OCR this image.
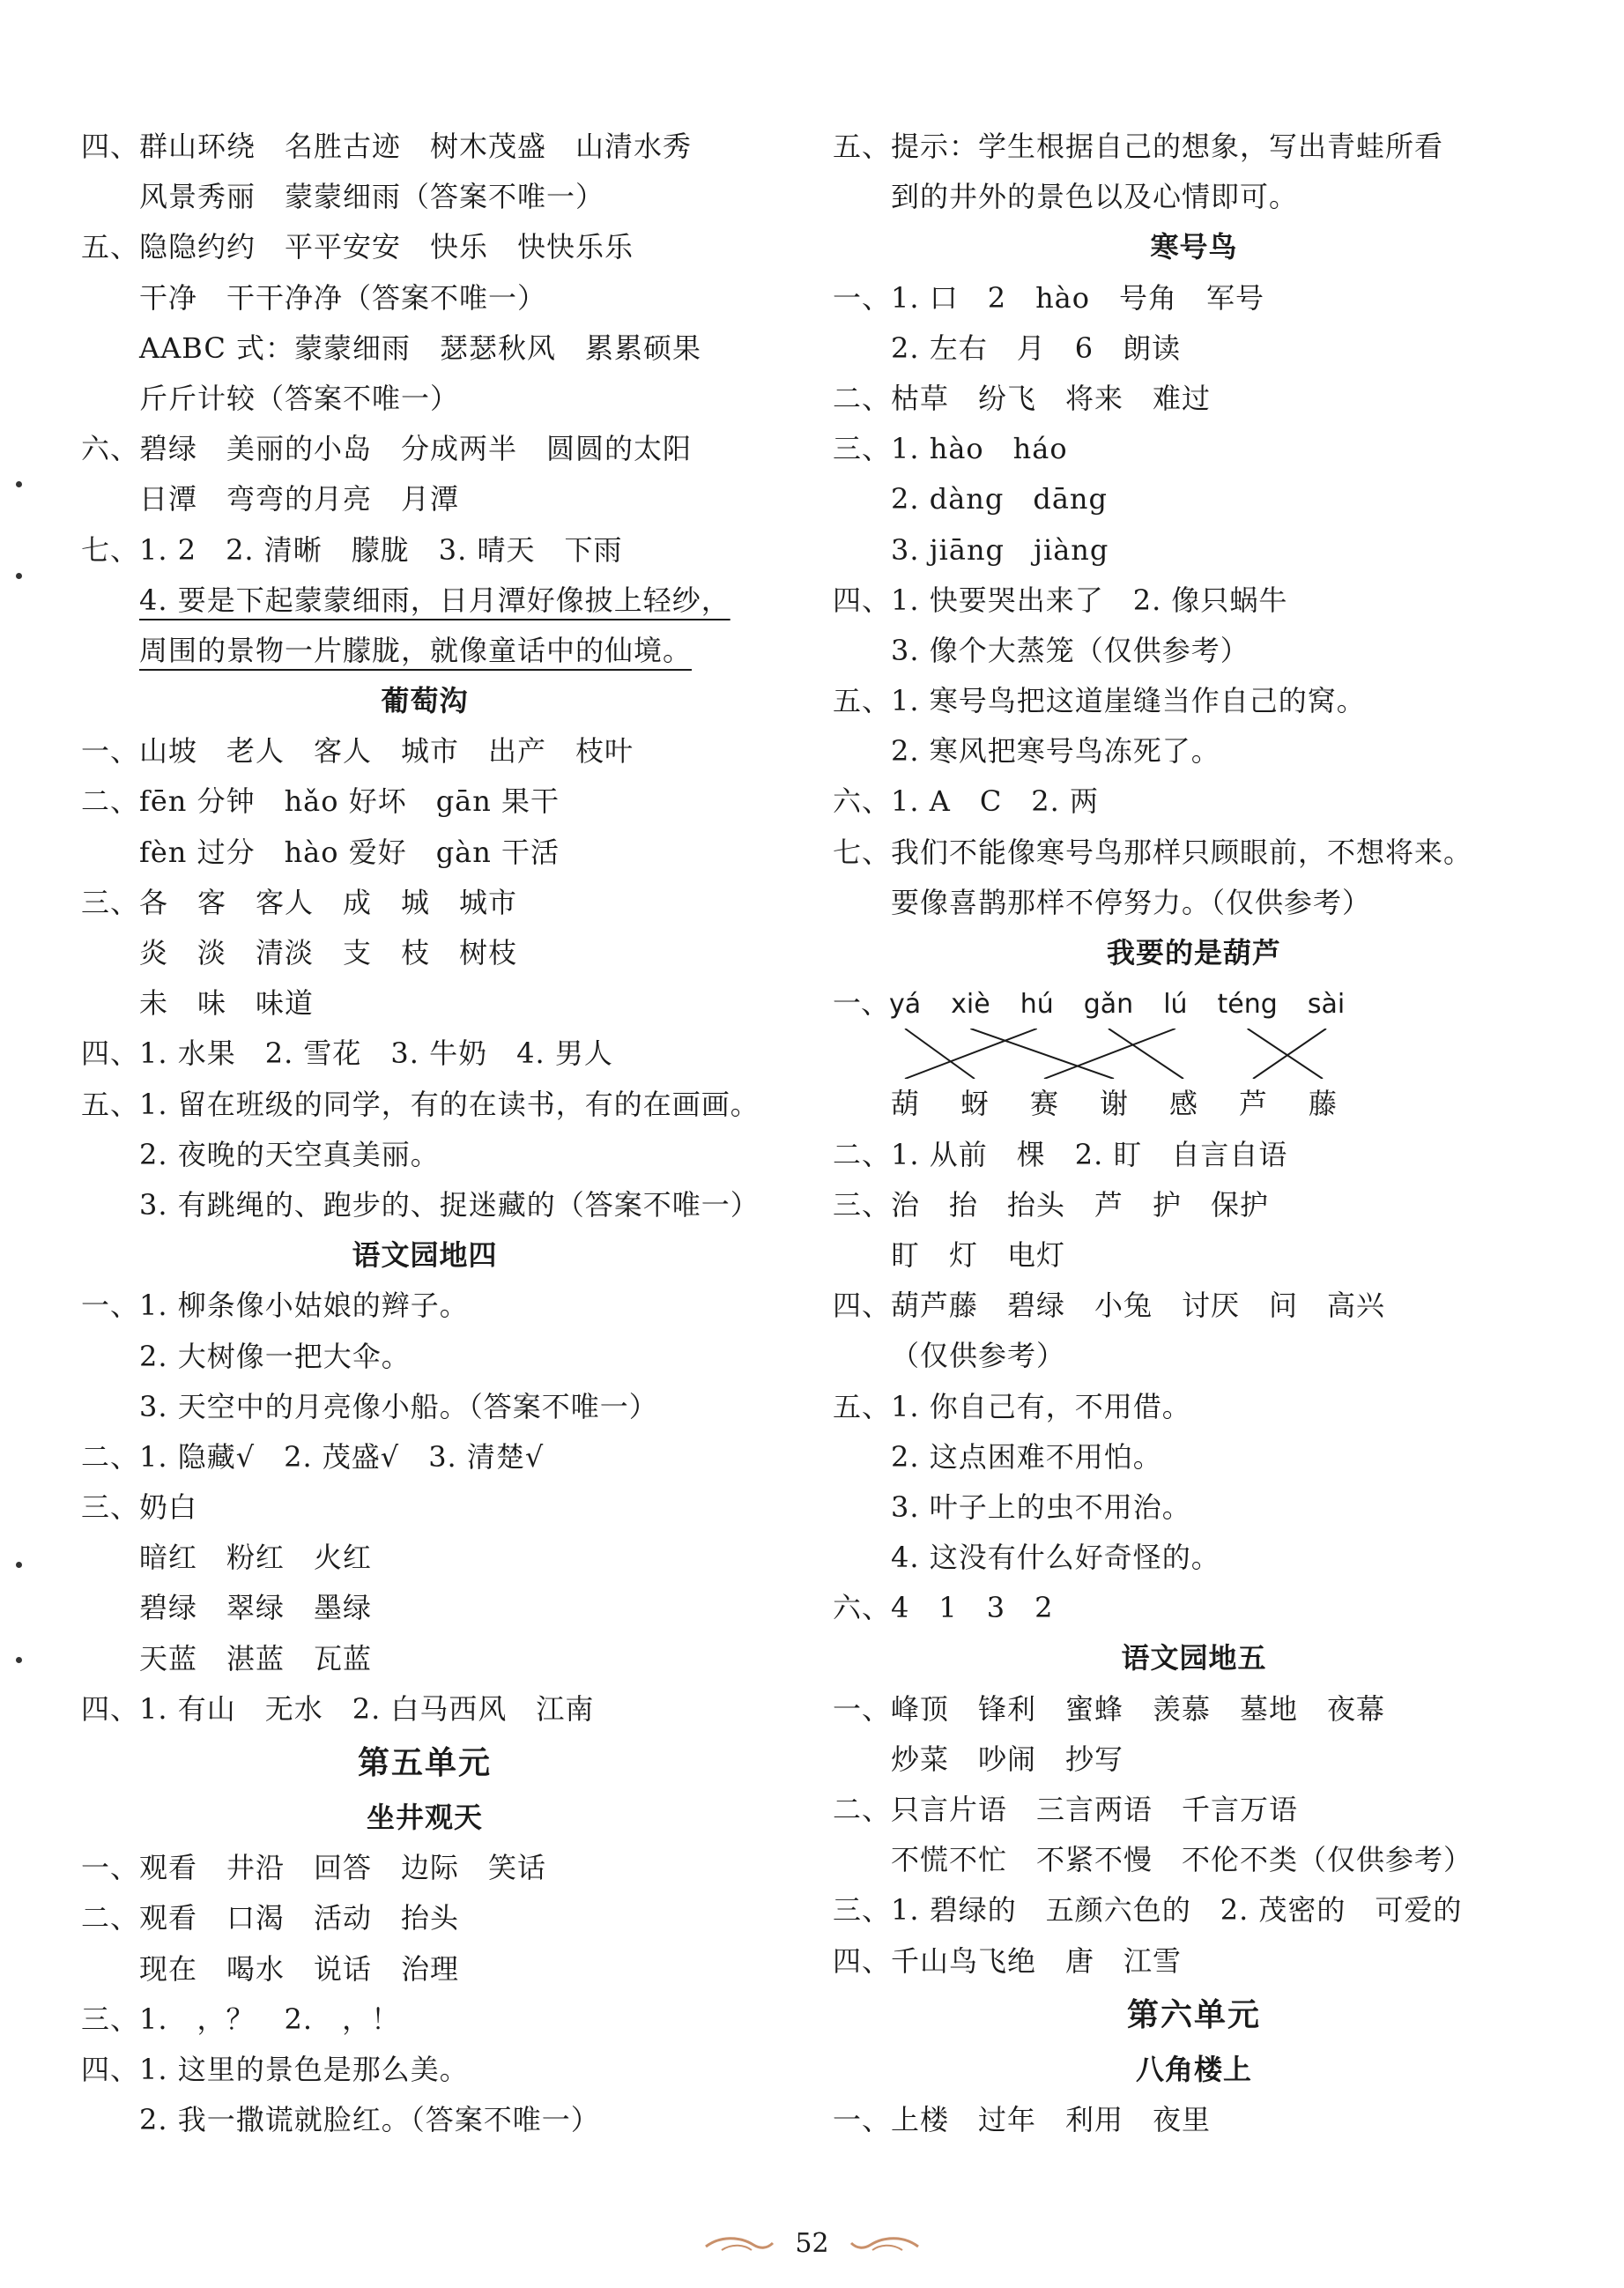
四、群山环绕　名胜古迹　树木茂盛　山清水秀
风景秀丽　蒙蒙细雨（答案不唯一）
五、隐隐约约　平平安安　快乐　快快乐乐
干净　干干净净（答案不唯一）
AABC 式：蒙蒙细雨　瑟瑟秋风　累累硕果
斤斤计较（答案不唯一）
六、碧绿　美丽的小岛　分成两半　圆圆的太阳
日潭　弯弯的月亮　月潭
七、1. 2　2. 清晰　朦胧　3. 晴天　下雨
4. 要是下起蒙蒙细雨，日月潭好像披上轻纱，
周围的景物一片朦胧，就像童话中的仙境。
葡萄沟
一、山坡　老人　客人　城市　出产　枝叶
二、fēn 分钟　hǎo 好坏　gān 果干
fèn 过分　hào 爱好　gàn 干活
三、各　客　客人　成　城　城市
炎　淡　清淡　支　枝　树枝
未　味　味道
四、1. 水果　2. 雪花　3. 牛奶　4. 男人
五、1. 留在班级的同学，有的在读书，有的在画画。
2. 夜晚的天空真美丽。
3. 有跳绳的、跑步的、捉迷藏的（答案不唯一）
语文园地四
一、1. 柳条像小姑娘的辫子。
2. 大树像一把大伞。
3. 天空中的月亮像小船。（答案不唯一）
二、1. 隐藏√　2. 茂盛√　3. 清楚√
三、奶白
暗红　粉红　火红
碧绿　翠绿　墨绿
天蓝　湛蓝　瓦蓝
四、1. 有山　无水　2. 白马西风　江南
第五单元
坐井观天
一、观看　井沿　回答　边际　笑话
二、观看　口渴　活动　抬头
现在　喝水　说话　治理
三、1.　，？　2.　，！
四、1. 这里的景色是那么美。
2. 我一撒谎就脸红。（答案不唯一）
五、提示：学生根据自己的想象，写出青蛙所看
到的井外的景色以及心情即可。
寒号鸟
一、1. 口　2　hào　号角　军号
2. 左右　月　6　朗读
二、枯草　纷飞　将来　难过
三、1. hào　háo
2. dàng　dāng
3. jiāng　jiàng
四、1. 快要哭出来了　2. 像只蜗牛
3. 像个大蒸笼（仅供参考）
五、1. 寒号鸟把这道崖缝当作自己的窝。
2. 寒风把寒号鸟冻死了。
六、1. A　C　2. 两
七、我们不能像寒号鸟那样只顾眼前，不想将来。
要像喜鹊那样不停努力。（仅供参考）
我要的是葫芦
一、yá xiè hú gǎn lú téng sài
葫 蚜 赛 谢 感 芦 藤
二、1. 从前　棵　2. 盯　自言自语
三、治　抬　抬头　芦　护　保护
盯　灯　电灯
四、葫芦藤　碧绿　小兔　讨厌　问　高兴
（仅供参考）
五、1. 你自己有，不用借。
2. 这点困难不用怕。
3. 叶子上的虫不用治。
4. 这没有什么好奇怪的。
六、4　1　3　2
语文园地五
一、峰顶　锋利　蜜蜂　羡慕　墓地　夜幕
炒菜　吵闹　抄写
二、只言片语　三言两语　千言万语
不慌不忙　不紧不慢　不伦不类（仅供参考）
三、1. 碧绿的　五颜六色的　2. 茂密的　可爱的
四、千山鸟飞绝　唐　江雪
第六单元
八角楼上
一、上楼　过年　利用　夜里
52
